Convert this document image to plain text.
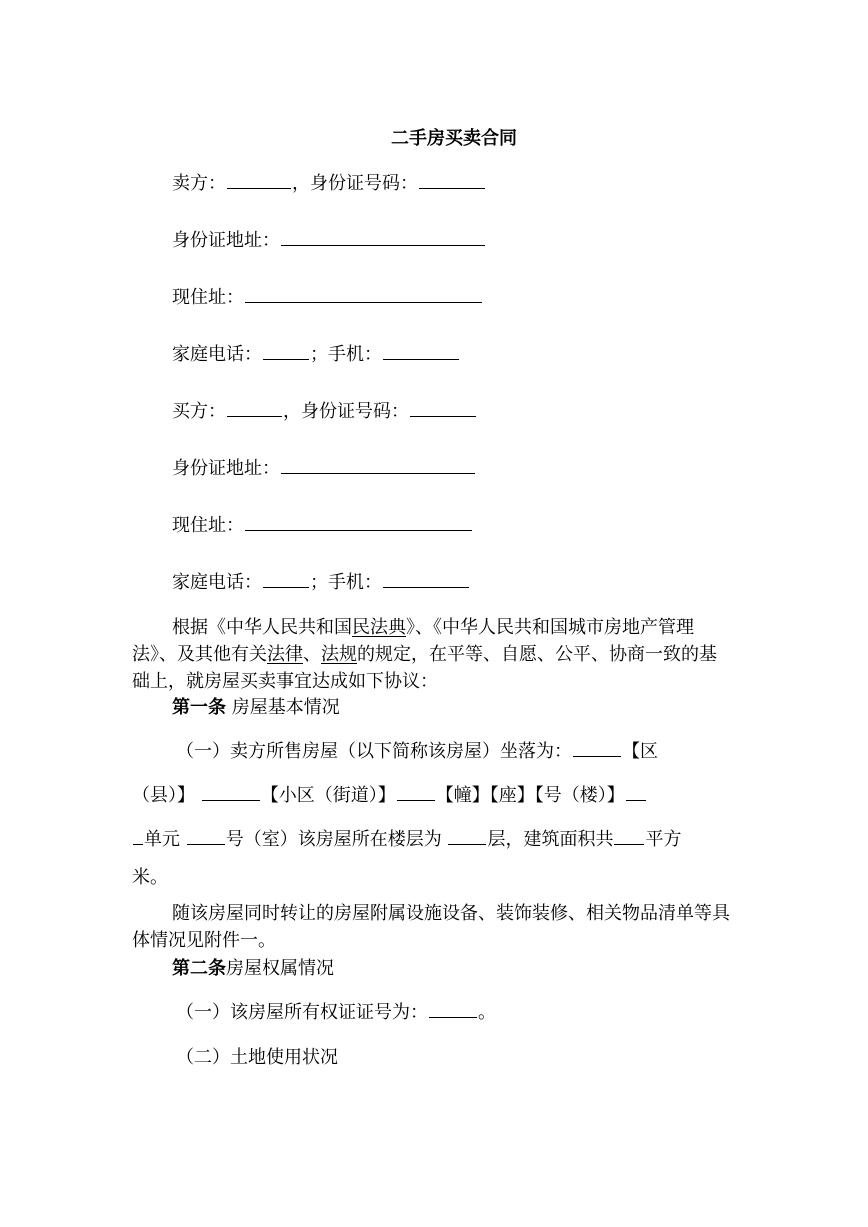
二手房买卖合同
卖方：	，身份证号码：
身份证地址：
现住址：
家庭电话：	；手机：
买方：	，身份证号码：
身份证地址：
现住址：
家庭电话：	；手机：
根据《中华人民共和国民法典》、《中华人民共和国城市房地产管理法》、及其他有关法律、法规的规定，在平等、自愿、公平、协商一致的基础上，就房屋买卖事宜达成如下协议：
第一条 房屋基本情况
（一）卖方所售房屋（以下简称该房屋）坐落为：	【区
（县）】	【小区（街道）】 【幢】【座】【号（楼）】
单元 号（室）该房屋所在楼层为 层，建筑面积共 平方
米。
随该房屋同时转让的房屋附属设施设备、装饰装修、相关物品清单等具体情况见附件一。
第二条房屋权属情况
（一）该房屋所有权证证号为：	。
（二）土地使用状况
